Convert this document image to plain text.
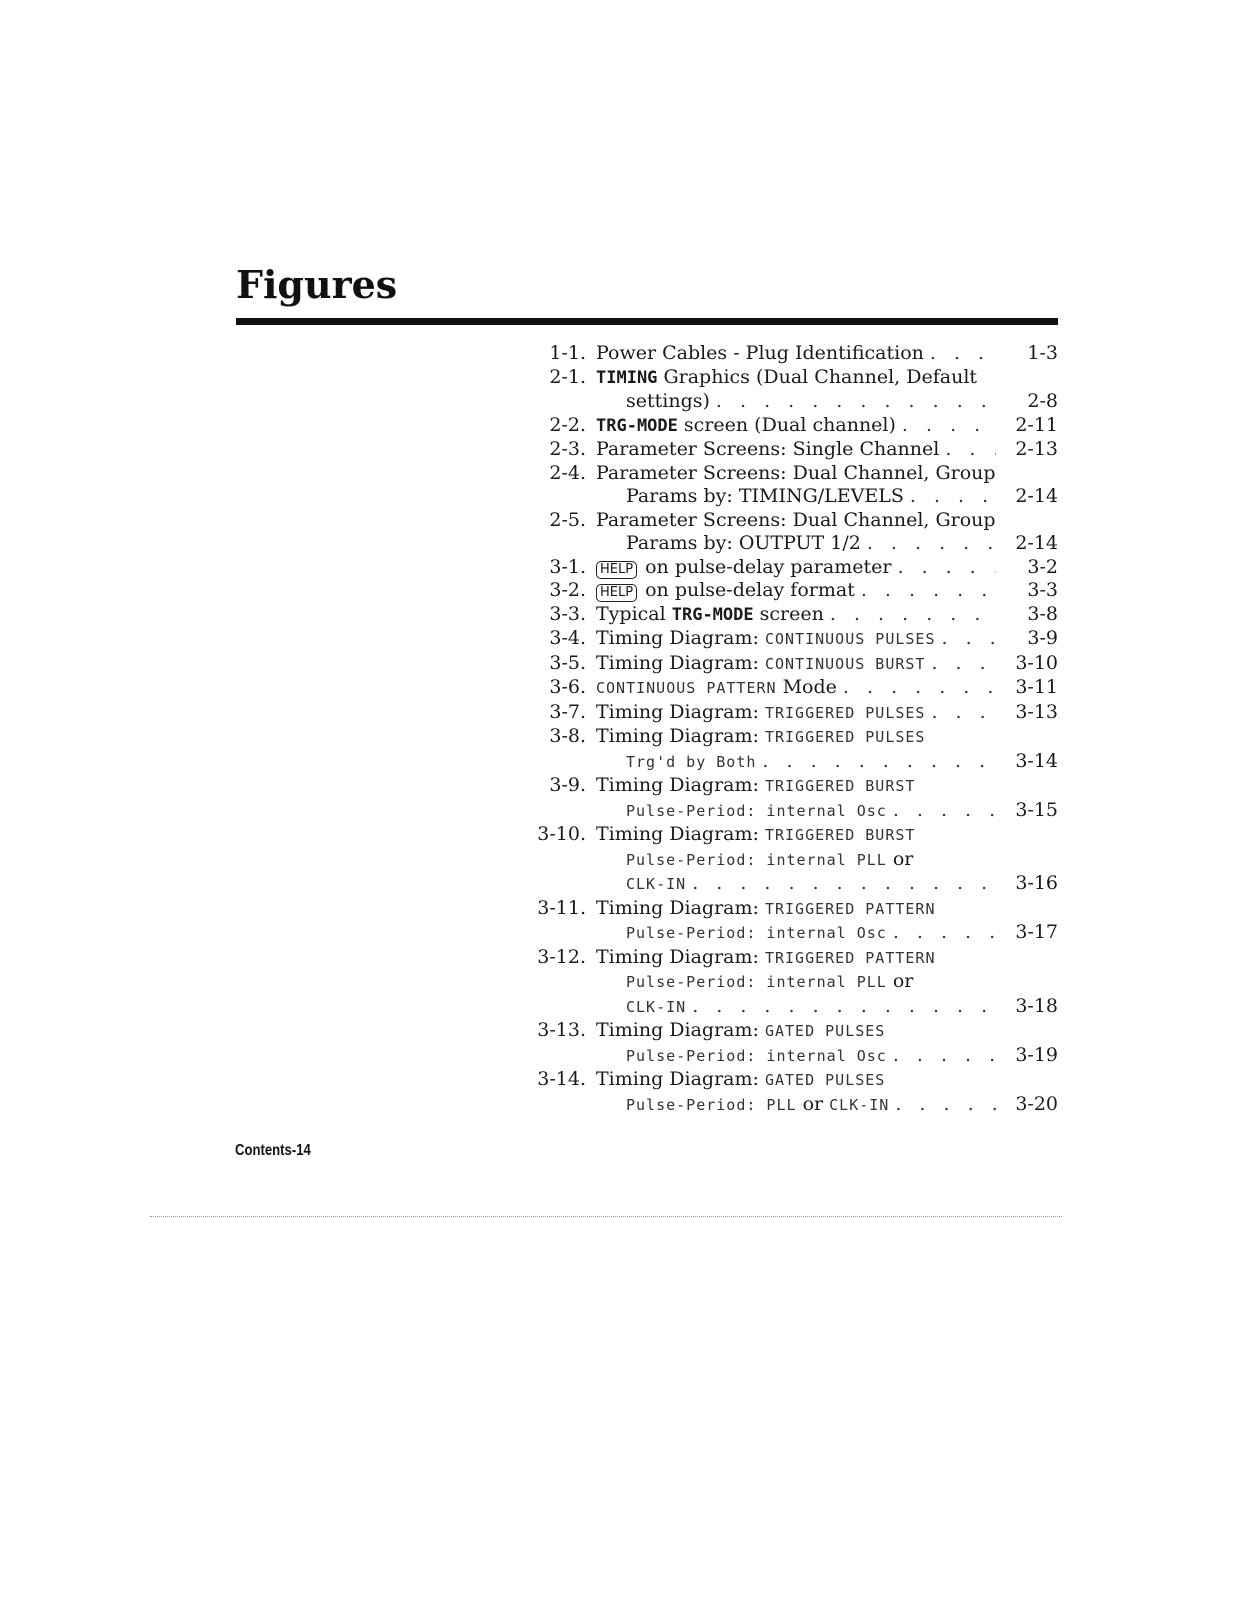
Figures
1-1. Power Cables - Plug Identification . . .	1-3
2-1. TIMING Graphics (Dual Channel, Default
settings) . . .	2-8
2-2. TRG-MODE screen (Dual channel) . . .	2-11
2-3. Parameter Screens: Single Channel . . .	2-13
2-4. Parameter Screens: Dual Channel, Group
Params by: TIMING/LEVELS . . .	2-14
2-5. Parameter Screens: Dual Channel, Group
Params by: OUTPUT 1/2 . . .	2-14
3-1.	HELP on pulse-delay parameter . . .	3-2
3-2.	HELP on pulse-delay format . . .	3-3
3-3. Typical TRG-MODE screen . . .	3-8
3-4. Timing Diagram: CONTINUOUS PULSES . . .	3-9
3-5. Timing Diagram: CONTINUOUS BURST . . .	3-10
3-6. CONTINUOUS PATTERN Mode . . .	3-11
3-7. Timing Diagram: TRIGGERED PULSES . . .	3-13
3-8. Timing Diagram: TRIGGERED PULSES
Trg'd by Both . . .	3-14
3-9. Timing Diagram: TRIGGERED BURST
Pulse-Period: internal Osc . . .	3-15
3-10. Timing Diagram: TRIGGERED BURST
Pulse-Period: internal PLL or
CLK-IN . . .	3-16
3-11. Timing Diagram: TRIGGERED PATTERN
Pulse-Period: internal Osc . . .	3-17
3-12. Timing Diagram: TRIGGERED PATTERN
Pulse-Period: internal PLL or
CLK-IN . . .	3-18
3-13. Timing Diagram: GATED PULSES
Pulse-Period: internal Osc . . .	3-19
3-14. Timing Diagram: GATED PULSES
Pulse-Period: PLL or CLK-IN . . .	3-20
Contents-14
